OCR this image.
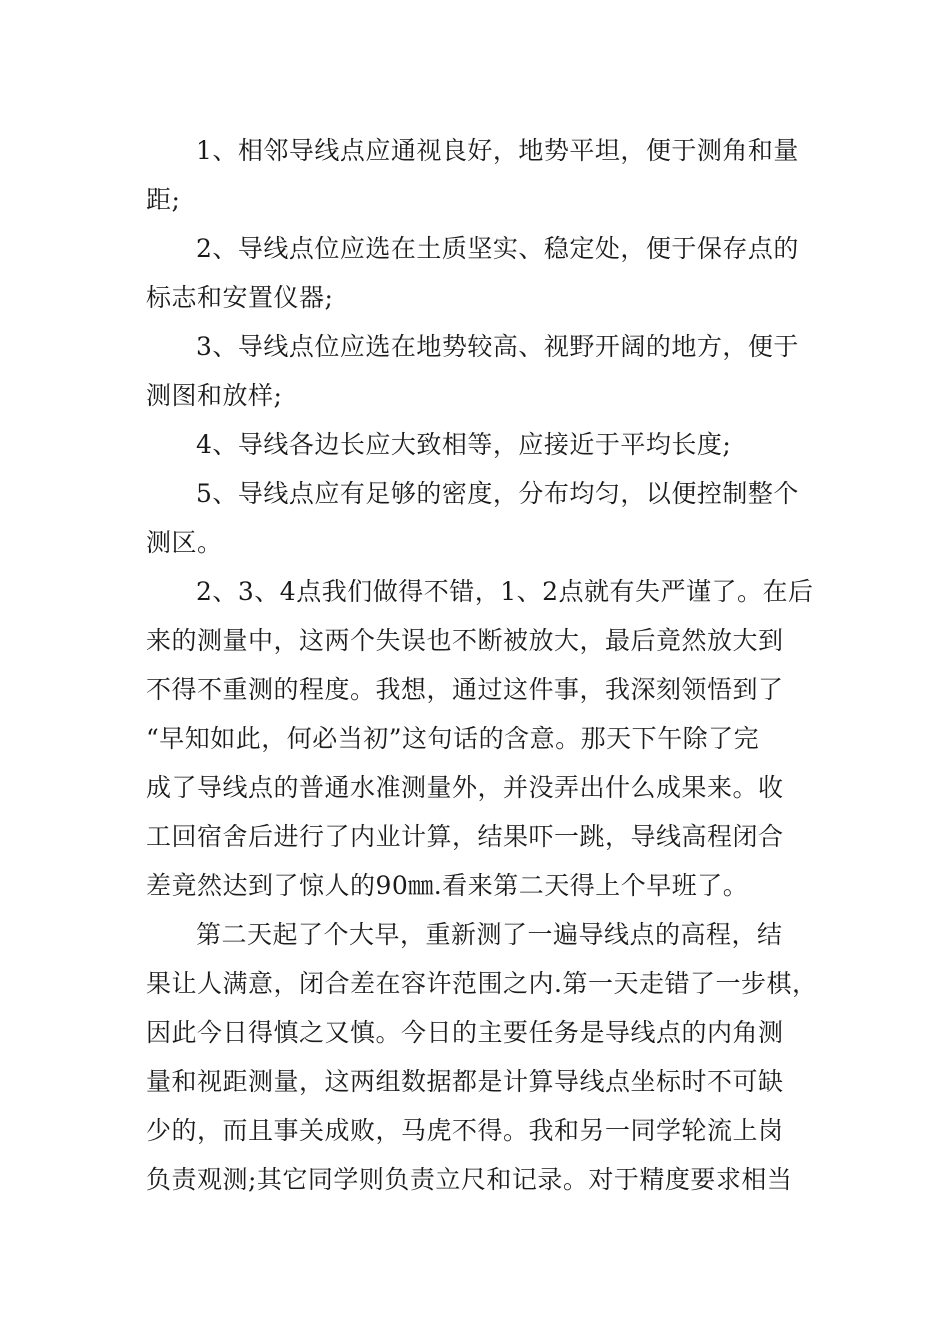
1、相邻导线点应通视良好，地势平坦，便于测角和量
距;

2、导线点位应选在土质坚实、稳定处，便于保存点的
标志和安置仪器;

3、导线点位应选在地势较高、视野开阔的地方，便于
测图和放样;

4、导线各边长应大致相等，应接近于平均长度;

5、导线点应有足够的密度，分布均匀，以便控制整个
测区。

2、3、4点我们做得不错，1、2点就有失严谨了。在后
来的测量中，这两个失误也不断被放大，最后竟然放大到
不得不重测的程度。我想，通过这件事，我深刻领悟到了
“早知如此，何必当初”这句话的含意。那天下午除了完
成了导线点的普通水准测量外，并没弄出什么成果来。收
工回宿舍后进行了内业计算，结果吓一跳，导线高程闭合
差竟然达到了惊人的90㎜.看来第二天得上个早班了。

第二天起了个大早，重新测了一遍导线点的高程，结
果让人满意，闭合差在容许范围之内.第一天走错了一步棋，
因此今日得慎之又慎。今日的主要任务是导线点的内角测
量和视距测量，这两组数据都是计算导线点坐标时不可缺
少的，而且事关成败，马虎不得。我和另一同学轮流上岗
负责观测;其它同学则负责立尺和记录。对于精度要求相当
